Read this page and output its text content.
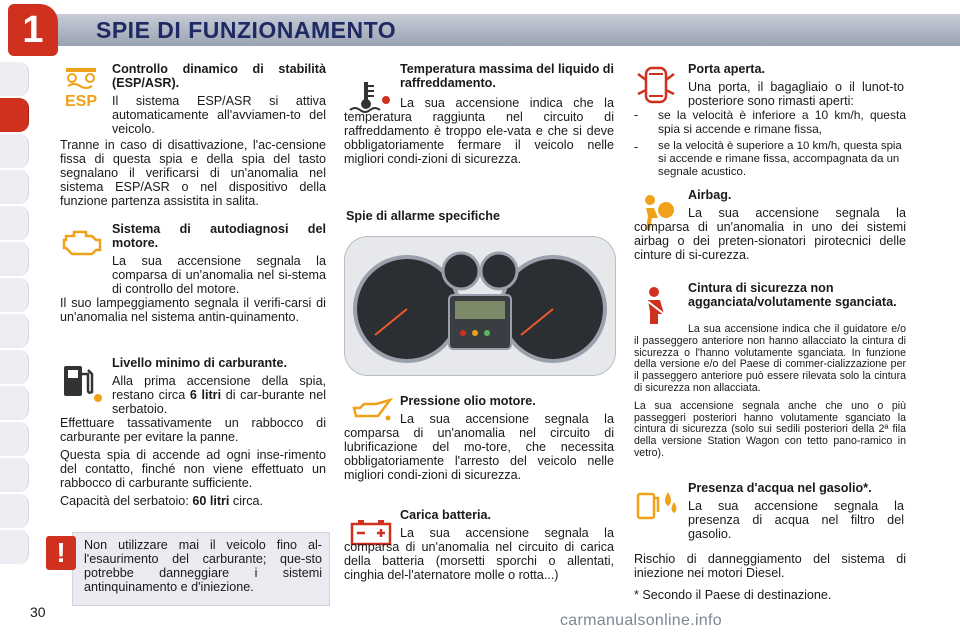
1	SPIE DI FUNZIONAMENTO
ESP

Controllo dinamico di stabilità (ESP/ASR).

Il sistema ESP/ASR si attiva automaticamente all'avviamen-to del veicolo.

Tranne in caso di disattivazione, l'ac-censione fissa di questa spia e della spia del tasto segnalano il verificarsi di un'anomalia nel sistema ESP/ASR o nel dispositivo della funzione partenza assistita in salita.

Sistema di autodiagnosi del motore.

La sua accensione segnala la comparsa di un'anomalia nel si-stema di controllo del motore.

Il suo lampeggiamento segnala il verifi-carsi di un'anomalia nel sistema antin-quinamento.

Livello minimo di carburante.

Alla prima accensione della spia, restano circa 6 litri di car-burante nel serbatoio.

Effettuare tassativamente un rabbocco di carburante per evitare la panne.

Questa spia di accende ad ogni inse-rimento del contatto, finché non viene effettuato un rabbocco di carburante sufficiente.

Capacità del serbatoio: 60 litri circa.

!	Non utilizzare mai il veicolo fino al-l'esaurimento del carburante; que-sto potrebbe danneggiare i sistemi antinquinamento e d'iniezione.

Temperatura massima del liquido di raffreddamento.

La sua accensione indica che la temperatura raggiunta nel circuito di raffreddamento è troppo ele-vata e che si deve obbligatoriamente fermare il veicolo nelle migliori condi-zioni di sicurezza.
Spie di allarme specifiche

Pressione olio motore.

La sua accensione segnala la comparsa di un'anomalia nel circuito di lubrificazione del mo-tore, che necessita obbligatoriamente l'arresto del veicolo nelle migliori condi-zioni di sicurezza.

Carica batteria.

La sua accensione segnala la comparsa di un'anomalia nel circuito di carica della batteria (morsetti sporchi o allentati, cinghia del-l'aternatore molle o rotta...)

Porta aperta.

Una porta, il bagagliaio o il lunot-to posteriore sono rimasti aperti:

-	se la velocità è inferiore a 10 km/h, questa spia si accende e rimane fissa,
-	se la velocità è superiore a 10 km/h, questa spia si accende e rimane fissa, accompagnata da un segnale acustico.

Airbag.

La sua accensione segnala la comparsa di un'anomalia in uno dei sistemi airbag o dei preten-sionatori pirotecnici delle cinture di si-curezza.

Cintura di sicurezza non agganciata/volutamente sganciata.

La sua accensione indica che il guidatore e/o il passeggero anteriore non hanno allacciato la cintura di sicurezza o l'hanno volutamente sganciata. In funzione della versione e/o del Paese di commer-cializzazione per il passeggero anteriore può essere rilevata solo la cintura di sicurezza non allacciata.

La sua accensione segnala anche che uno o più passeggeri posteriori hanno volutamente sganciato la cintura di sicurezza (solo sui sedili posteriori della 2ª fila della versione Station Wagon con tetto pano-ramico in vetro).

Presenza d'acqua nel gasolio*.

La sua accensione segnala la presenza di acqua nel filtro del gasolio.

Rischio di danneggiamento del sistema di iniezione nei motori Diesel.
* Secondo il Paese di destinazione.
30	carmanualsonline.info
